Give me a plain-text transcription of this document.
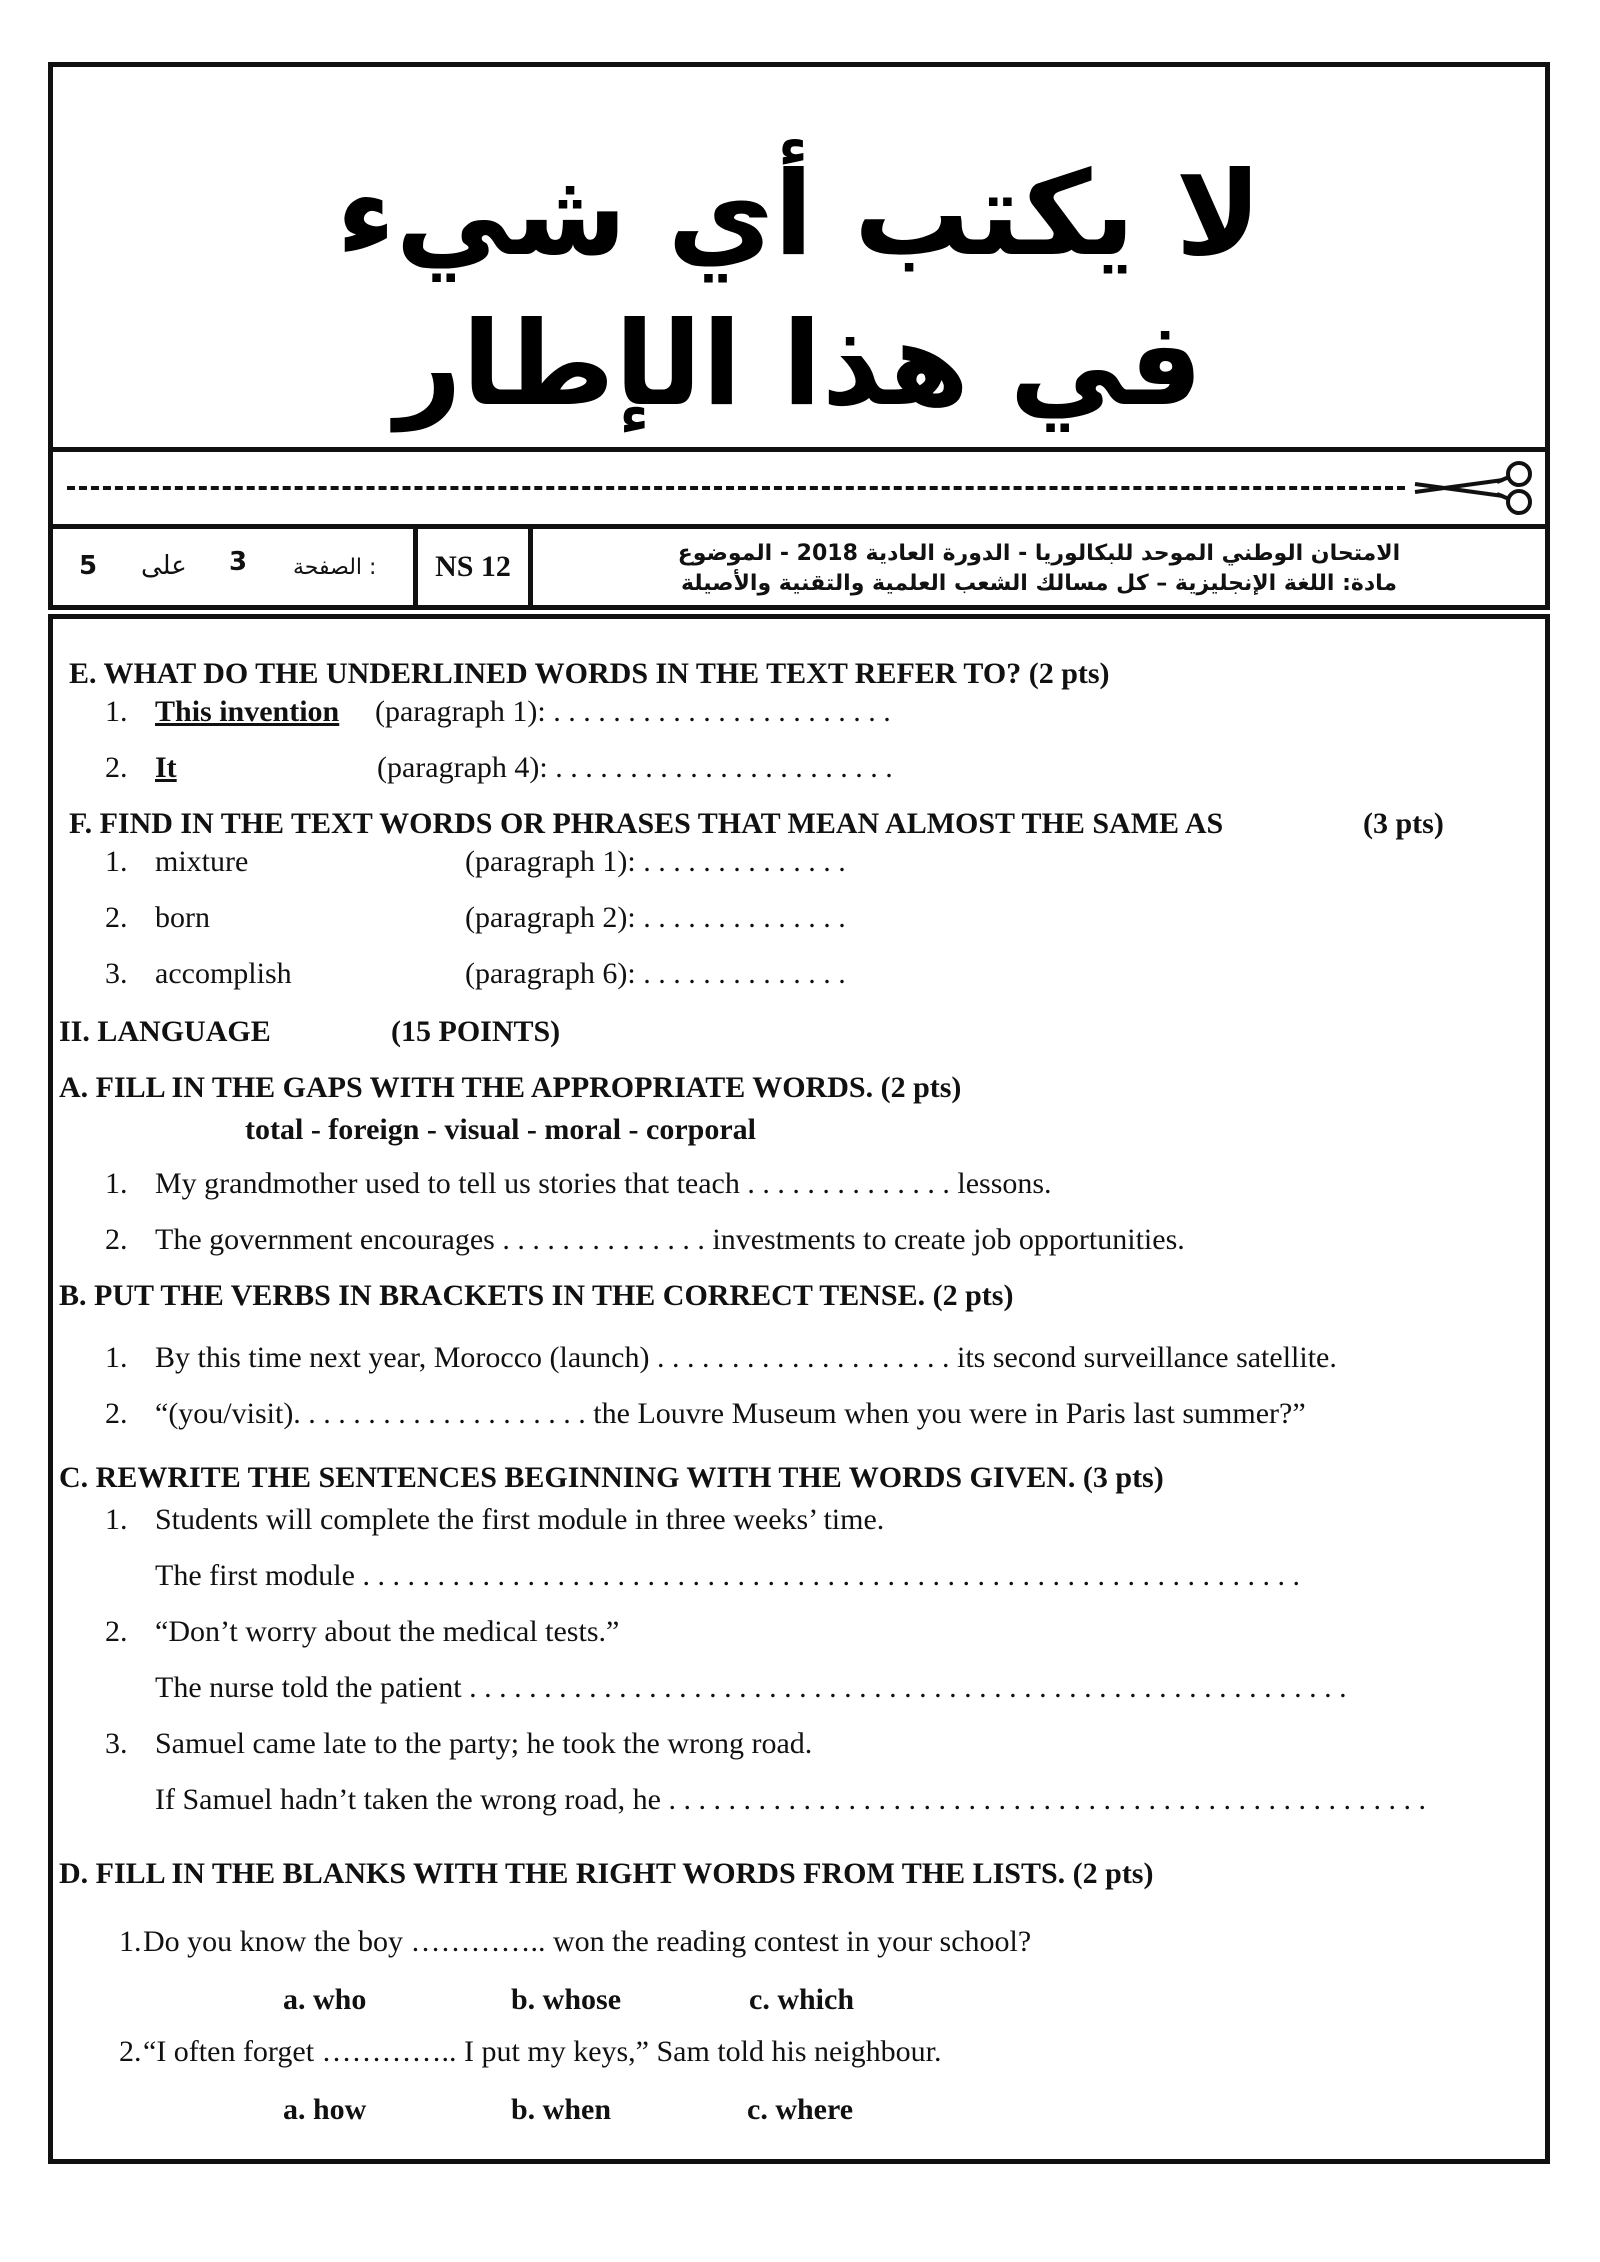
لا يكتب أي شيء
في هذا الإطار
5 على 3 الصفحة :	NS 12	الامتحان الوطني الموحد للبكالوريا - الدورة العادية 2018 - الموضوع
مادة: اللغة الإنجليزية – كل مسالك الشعب العلمية والتقنية والأصيلة
E. WHAT DO THE UNDERLINED WORDS IN THE TEXT REFER TO? (2 pts)
1. This invention (paragraph 1): . . . . . . . . . . . . . . . . . . . . . . .
2. It	(paragraph 4): . . . . . . . . . . . . . . . . . . . . . . .
F. FIND IN THE TEXT WORDS OR PHRASES THAT MEAN ALMOST THE SAME AS	(3 pts)
1. mixture	(paragraph 1): . . . . . . . . . . . . . .
2. born	(paragraph 2): . . . . . . . . . . . . . .
3. accomplish	(paragraph 6): . . . . . . . . . . . . . .
II. LANGUAGE	(15 POINTS)
A. FILL IN THE GAPS WITH THE APPROPRIATE WORDS. (2 pts)
total - foreign - visual - moral - corporal
1. My grandmother used to tell us stories that teach . . . . . . . . . . . . . . lessons.
2. The government encourages . . . . . . . . . . . . . . investments to create job opportunities.
B. PUT THE VERBS IN BRACKETS IN THE CORRECT TENSE. (2 pts)
1. By this time next year, Morocco (launch) . . . . . . . . . . . . . . . . . . . . its second surveillance satellite.
2. “(you/visit). . . . . . . . . . . . . . . . . . . . the Louvre Museum when you were in Paris last summer?”
C. REWRITE THE SENTENCES BEGINNING WITH THE WORDS GIVEN. (3 pts)
1. Students will complete the first module in three weeks’ time.
The first module . . . . . . . . . . . . . . . . . . . . . . . . . . . . . . . . . . . . . . . . . . . . . . . . . . . . . . . . . . . . . . .
2. “Don’t worry about the medical tests.”
The nurse told the patient . . . . . . . . . . . . . . . . . . . . . . . . . . . . . . . . . . . . . . . . . . . . . . . . . . . . . . . . . . .
3. Samuel came late to the party; he took the wrong road.
If Samuel hadn’t taken the wrong road, he . . . . . . . . . . . . . . . . . . . . . . . . . . . . . . . . . . . . . . . . . . . . . . . . . . .
D. FILL IN THE BLANKS WITH THE RIGHT WORDS FROM THE LISTS. (2 pts)
1. Do you know the boy ………….. won the reading contest in your school?
a. who	b. whose	c. which
2. “I often forget ………….. I put my keys,” Sam told his neighbour.
a. how	b. when	c. where
